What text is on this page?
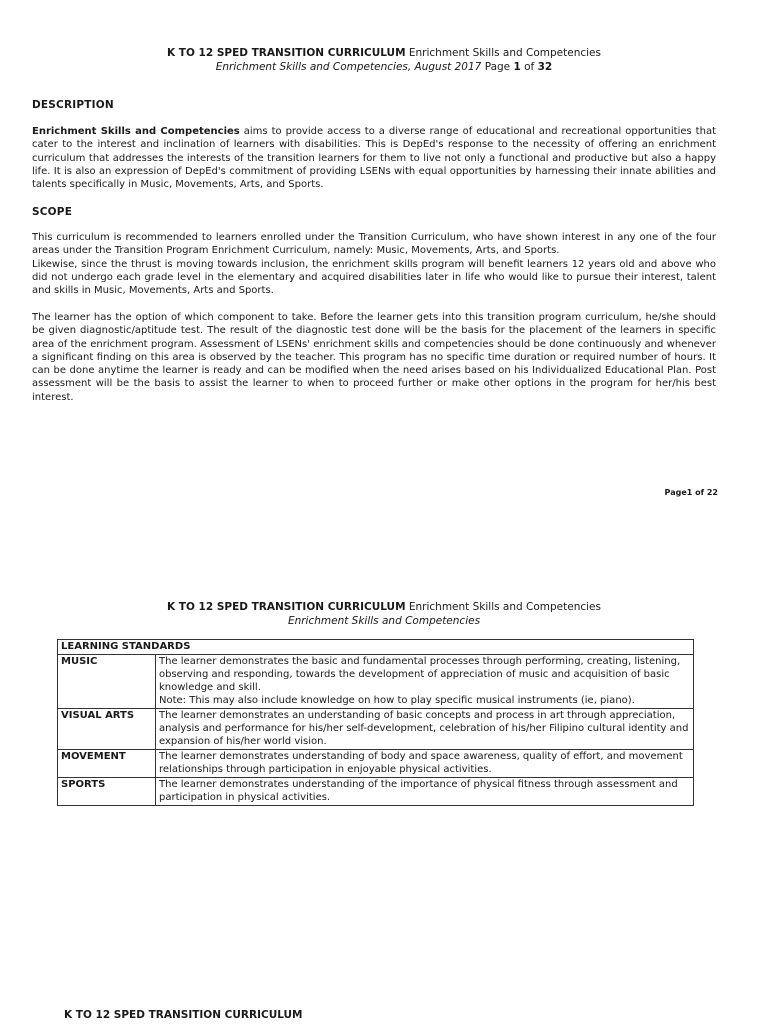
K TO 12 SPED TRANSITION CURRICULUM Enrichment Skills and Competencies
Enrichment Skills and Competencies, August 2017 Page 1 of 32
DESCRIPTION

Enrichment Skills and Competencies aims to provide access to a diverse range of educational and recreational opportunities that cater to the interest and inclination of learners with disabilities. This is DepEd's response to the necessity of offering an enrichment curriculum that addresses the interests of the transition learners for them to live not only a functional and productive but also a happy life. It is also an expression of DepEd's commitment of providing LSENs with equal opportunities by harnessing their innate abilities and talents specifically in Music, Movements, Arts, and Sports.

SCOPE

This curriculum is recommended to learners enrolled under the Transition Curriculum, who have shown interest in any one of the four areas under the Transition Program Enrichment Curriculum, namely: Music, Movements, Arts, and Sports.

Likewise, since the thrust is moving towards inclusion, the enrichment skills program will benefit learners 12 years old and above who did not undergo each grade level in the elementary and acquired disabilities later in life who would like to pursue their interest, talent and skills in Music, Movements, Arts and Sports.

The learner has the option of which component to take. Before the learner gets into this transition program curriculum, he/she should be given diagnostic/aptitude test. The result of the diagnostic test done will be the basis for the placement of the learners in specific area of the enrichment program. Assessment of LSENs' enrichment skills and competencies should be done continuously and whenever a significant finding on this area is observed by the teacher. This program has no specific time duration or required number of hours. It can be done anytime the learner is ready and can be modified when the need arises based on his Individualized Educational Plan. Post assessment will be the basis to assist the learner to when to proceed further or make other options in the program for her/his best interest.

Page1 of 22
K TO 12 SPED TRANSITION CURRICULUM Enrichment Skills and Competencies
Enrichment Skills and Competencies
LEARNING STANDARDS	
MUSIC	The learner demonstrates the basic and fundamental processes through performing, creating, listening, observing and responding, towards the development of appreciation of music and acquisition of basic knowledge and skill.
Note: This may also include knowledge on how to play specific musical instruments (ie, piano).

VISUAL ARTS	The learner demonstrates an understanding of basic concepts and process in art through appreciation, analysis and performance for his/her self-development, celebration of his/her Filipino cultural identity and expansion of his/her world vision.
MOVEMENT	The learner demonstrates understanding of body and space awareness, quality of effort, and movement relationships through participation in enjoyable physical activities.
SPORTS	The learner demonstrates understanding of the importance of physical fitness through assessment and participation in physical activities.
K TO 12 SPED TRANSITION CURRICULUM
